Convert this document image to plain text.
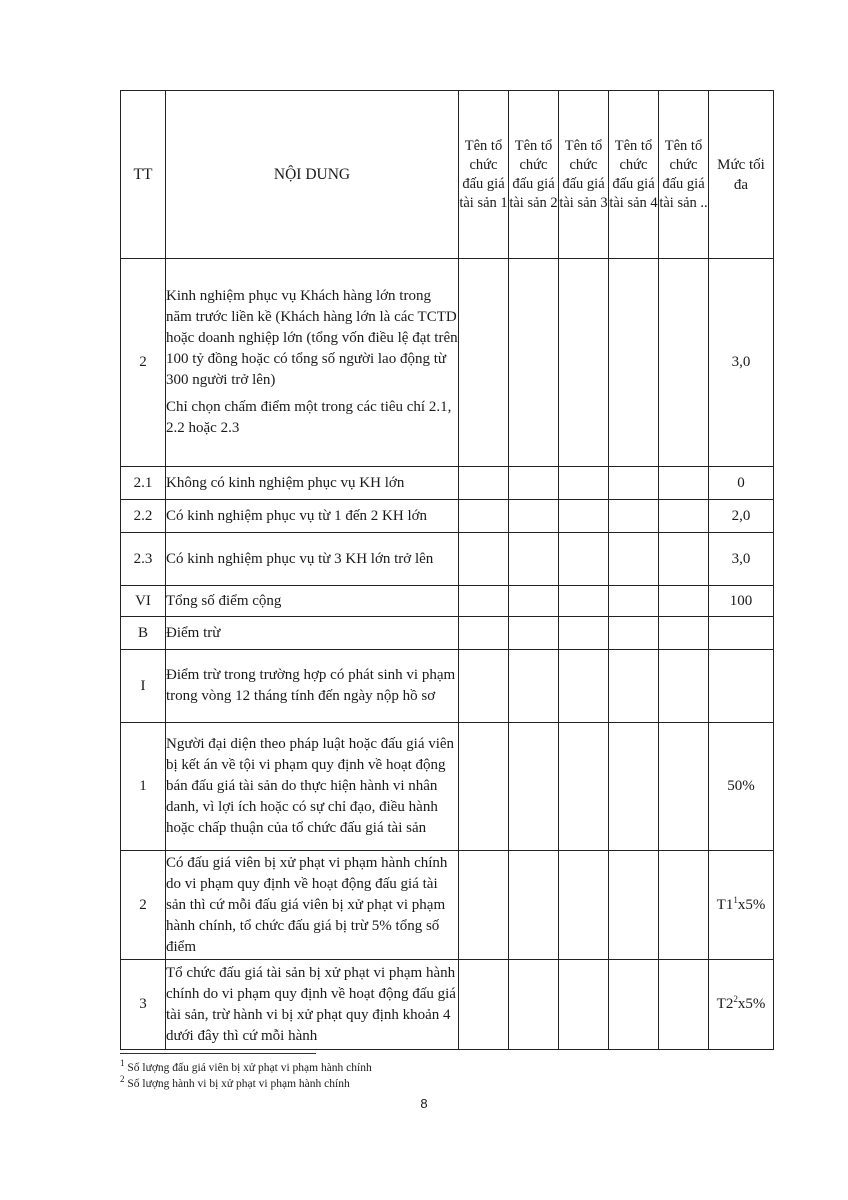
TT	NỘI DUNG	Tên tổ chức đấu giá tài sản 1	Tên tổ chức đấu giá tài sản 2	Tên tổ chức đấu giá tài sản 3	Tên tổ chức đấu giá tài sản 4	Tên tổ chức đấu giá tài sản ..	Mức tối đa
2	Kinh nghiệm phục vụ Khách hàng lớn trong năm trước liền kề (Khách hàng lớn là các TCTD hoặc doanh nghiệp lớn (tổng vốn điều lệ đạt trên 100 tỷ đồng hoặc có tổng số người lao động từ 300 người trở lên)
Chỉ chọn chấm điểm một trong các tiêu chí 2.1, 2.2 hoặc 2.3						3,0
2.1	Không có kinh nghiệm phục vụ KH lớn						0
2.2	Có kinh nghiệm phục vụ từ 1 đến 2 KH lớn						2,0
2.3	Có kinh nghiệm phục vụ từ 3 KH lớn trở lên						3,0
VI	Tổng số điểm cộng						100
B	Điểm trừ						
I	Điểm trừ trong trường hợp có phát sinh vi phạm trong vòng 12 tháng tính đến ngày nộp hồ sơ						
1	Người đại diện theo pháp luật hoặc đấu giá viên bị kết án về tội vi phạm quy định về hoạt động bán đấu giá tài sản do thực hiện hành vi nhân danh, vì lợi ích hoặc có sự chỉ đạo, điều hành hoặc chấp thuận của tổ chức đấu giá tài sản						50%
2	Có đấu giá viên bị xử phạt vi phạm hành chính do vi phạm quy định về hoạt động đấu giá tài sản thì cứ mỗi đấu giá viên bị xử phạt vi phạm hành chính, tổ chức đấu giá bị trừ 5% tổng số điểm						$T1^1x5\%$
3	Tổ chức đấu giá tài sản bị xử phạt vi phạm hành chính do vi phạm quy định về hoạt động đấu giá tài sản, trừ hành vi bị xử phạt quy định khoản 4 dưới đây thì cứ mỗi hành						$T2^2x5\%$
$^1$ Số lượng đấu giá viên bị xử phạt vi phạm hành chính
$^2$ Số lượng hành vi bị xử phạt vi phạm hành chính
8
